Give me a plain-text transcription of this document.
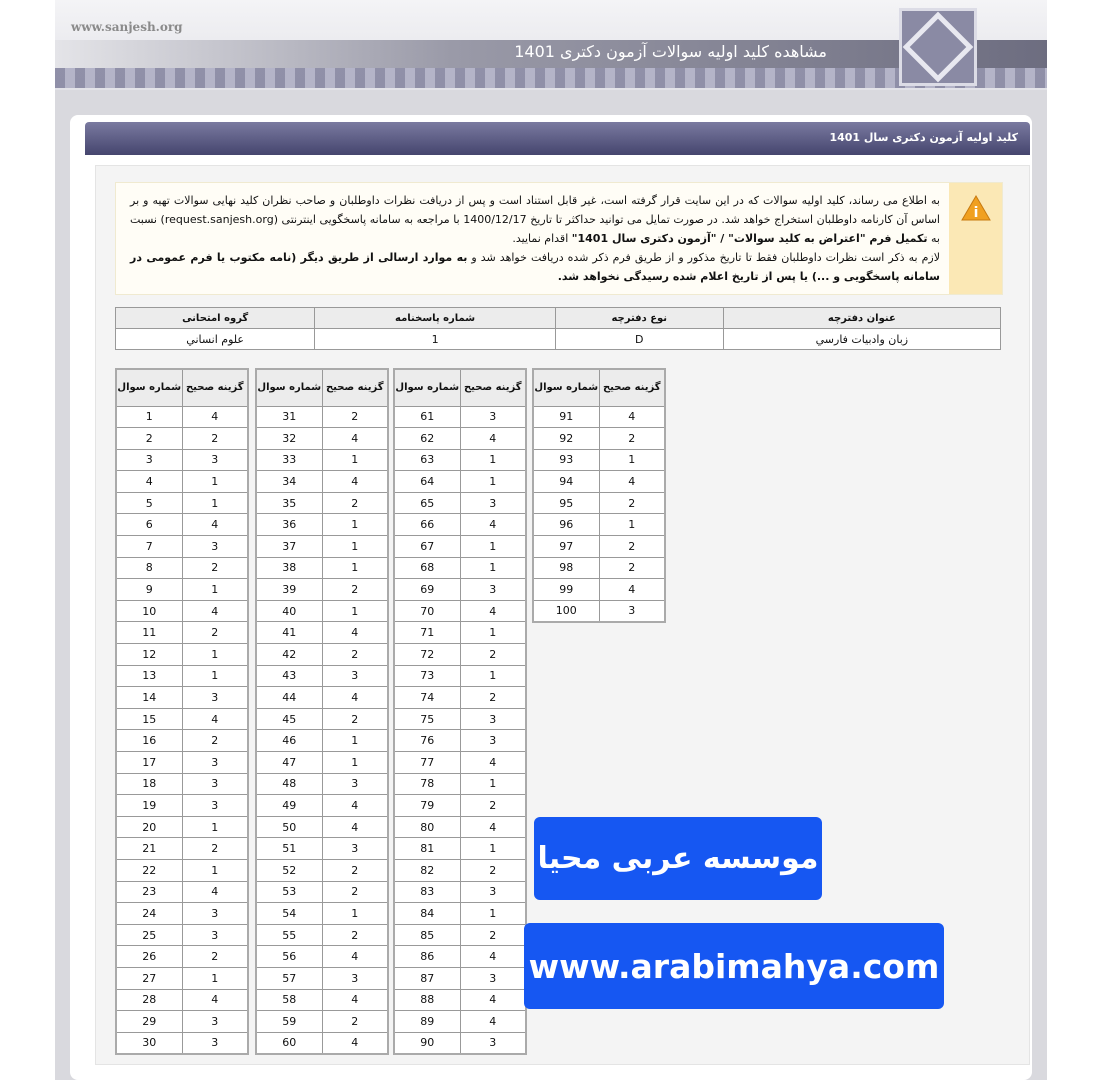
www.sanjesh.org
مشاهده کلید اولیه سوالات آزمون دکتری 1401
کلید اولیه آزمون دکتری سال 1401
i
به اطلاع می رساند، کلید اولیه سوالات که در این سایت قرار گرفته است، غیر قابل استناد است و پس از دریافت نظرات داوطلبان و صاحب نظران کلید نهایی سوالات تهیه و بر اساس آن کارنامه داوطلبان استخراج خواهد شد. در صورت تمایل می توانید حداکثر تا تاریخ 1400/12/17 با مراجعه به سامانه پاسخگویی اینترنتی (request.sanjesh.org) نسبت به تکمیل فرم "اعتراض به کلید سوالات" / "آزمون دکتری سال 1401" اقدام نمایید.
لازم به ذکر است نظرات داوطلبان فقط تا تاریخ مذکور و از طریق فرم ذکر شده دریافت خواهد شد و به موارد ارسالی از طریق دیگر (نامه مکتوب یا فرم عمومی در سامانه پاسخگویی و ...) یا پس از تاریخ اعلام شده رسیدگی نخواهد شد.
عنوان دفترچه	نوع دفترچه	شماره پاسخنامه	گروه امتحانی
زبان وادبيات فارسي	D	1	علوم انساني
شماره سوال	گزینه صحیح
1	4
2	2
3	3
4	1
5	1
6	4
7	3
8	2
9	1
10	4
11	2
12	1
13	1
14	3
15	4
16	2
17	3
18	3
19	3
20	1
21	2
22	1
23	4
24	3
25	3
26	2
27	1
28	4
29	3
30	3
شماره سوال	گزینه صحیح
31	2
32	4
33	1
34	4
35	2
36	1
37	1
38	1
39	2
40	1
41	4
42	2
43	3
44	4
45	2
46	1
47	1
48	3
49	4
50	4
51	3
52	2
53	2
54	1
55	2
56	4
57	3
58	4
59	2
60	4
شماره سوال	گزینه صحیح
61	3
62	4
63	1
64	1
65	3
66	4
67	1
68	1
69	3
70	4
71	1
72	2
73	1
74	2
75	3
76	3
77	4
78	1
79	2
80	4
81	1
82	2
83	3
84	1
85	2
86	4
87	3
88	4
89	4
90	3
شماره سوال	گزینه صحیح
91	4
92	2
93	1
94	4
95	2
96	1
97	2
98	2
99	4
100	3
موسسه عربی محیا
www.arabimahya.com
